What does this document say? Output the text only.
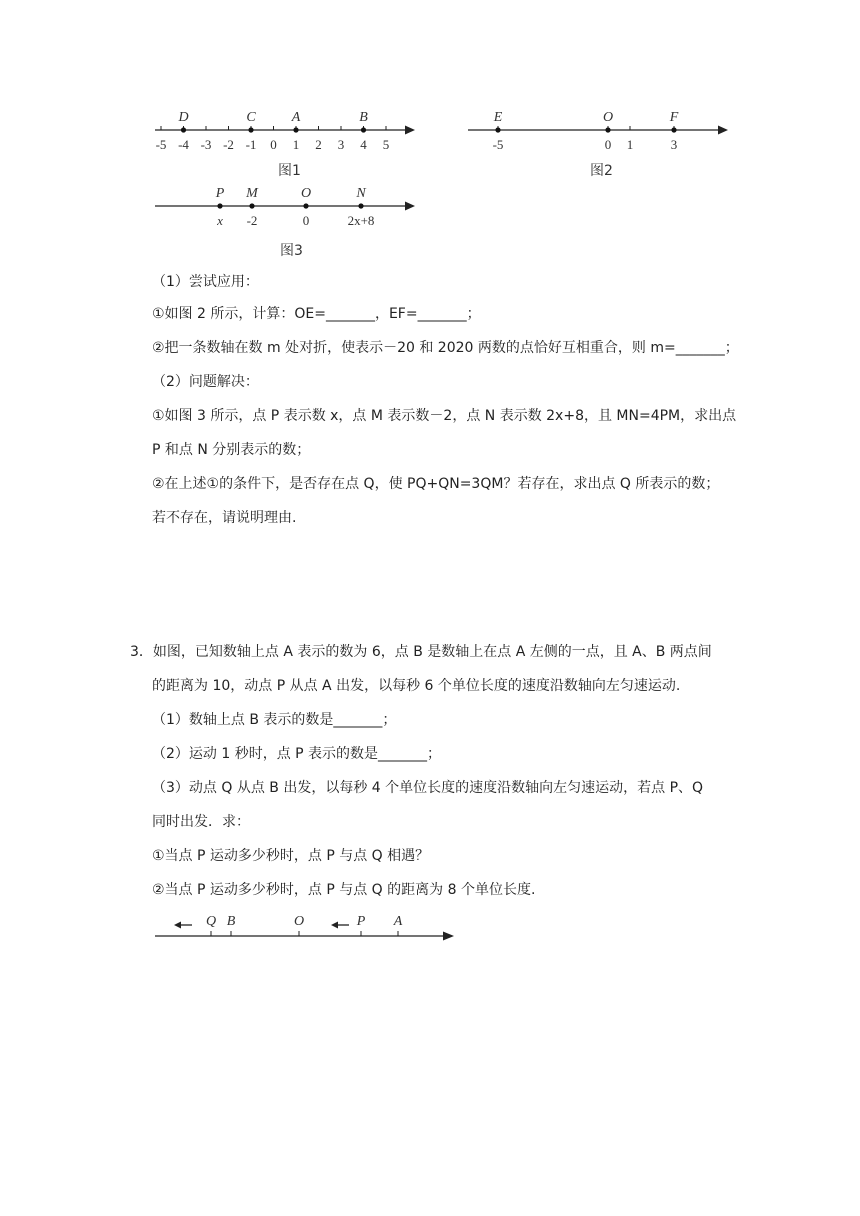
-5 -4 -3 -2 -1 0 1 2 3 4 5
D	C	A	B
图1
-5	0 1	3
E	O	F
图2
P
x
M
-2
O
0
N
2x+8
图3
（1）尝试应用：
①如图 2 所示，计算：OE=_______，EF=_______；
②把一条数轴在数 m 处对折，使表示－20 和 2020 两数的点恰好互相重合，则 m=_______；
（2）问题解决：
①如图 3 所示，点 P 表示数 x，点 M 表示数－2，点 N 表示数 2x+8，且 MN=4PM，求出点
P 和点 N 分别表示的数；
②在上述①的条件下，是否存在点 Q，使 PQ+QN=3QM？若存在，求出点 Q 所表示的数；
若不存在，请说明理由.
3．如图，已知数轴上点 A 表示的数为 6，点 B 是数轴上在点 A 左侧的一点，且 A、B 两点间
的距离为 10，动点 P 从点 A 出发，以每秒 6 个单位长度的速度沿数轴向左匀速运动.
（1）数轴上点 B 表示的数是_______；
（2）运动 1 秒时，点 P 表示的数是_______；
（3）动点 Q 从点 B 出发，以每秒 4 个单位长度的速度沿数轴向左匀速运动，若点 P、Q
同时出发．求：
①当点 P 运动多少秒时，点 P 与点 Q 相遇？
②当点 P 运动多少秒时，点 P 与点 Q 的距离为 8 个单位长度.
Q B	O	P A
